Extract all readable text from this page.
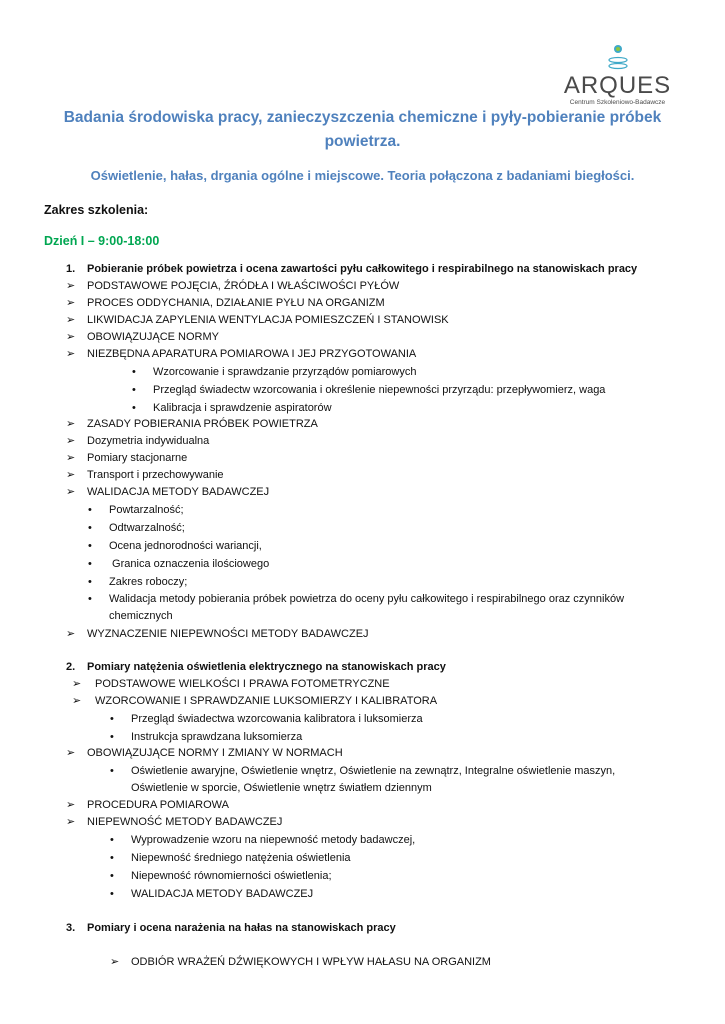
ARQUES
Centrum Szkoleniowo-Badawcze
Badania środowiska pracy, zanieczyszczenia chemiczne i pyły-pobieranie próbek powietrza.
Oświetlenie, hałas, drgania ogólne i miejscowe. Teoria połączona z badaniami biegłości.
Zakres szkolenia:
Dzień I – 9:00-18:00
1. Pobieranie próbek powietrza i ocena zawartości pyłu całkowitego i respirabilnego na stanowiskach pracy
➢ PODSTAWOWE POJĘCIA, ŹRÓDŁA I WŁAŚCIWOŚCI PYŁÓW
➢ PROCES ODDYCHANIA, DZIAŁANIE PYŁU NA ORGANIZM
➢ LIKWIDACJA ZAPYLENIA WENTYLACJA POMIESZCZEŃ I STANOWISK
➢ OBOWIĄZUJĄCE NORMY
➢ NIEZBĘDNA APARATURA POMIAROWA I JEJ PRZYGOTOWANIA
• Wzorcowanie i sprawdzanie przyrządów pomiarowych
• Przegląd świadectw wzorcowania i określenie niepewności przyrządu: przepływomierz, waga
• Kalibracja i sprawdzenie aspiratorów
➢ ZASADY POBIERANIA PRÓBEK POWIETRZA
➢ Dozymetria indywidualna
➢ Pomiary stacjonarne
➢ Transport i przechowywanie
➢ WALIDACJA METODY BADAWCZEJ
• Powtarzalność;
• Odtwarzalność;
• Ocena jednorodności wariancji,
• Granica oznaczenia ilościowego
• Zakres roboczy;
• Walidacja metody pobierania próbek powietrza do oceny pyłu całkowitego i respirabilnego oraz czynników chemicznych
➢ WYZNACZENIE NIEPEWNOŚCI METODY BADAWCZEJ
2. Pomiary natężenia oświetlenia elektrycznego na stanowiskach pracy
➢ PODSTAWOWE WIELKOŚCI I PRAWA FOTOMETRYCZNE
➢ WZORCOWANIE I SPRAWDZANIE LUKSOMIERZY I KALIBRATORA
• Przegląd świadectwa wzorcowania kalibratora i luksomierza
• Instrukcja sprawdzana luksomierza
➢ OBOWIĄZUJĄCE NORMY I ZMIANY W NORMACH
• Oświetlenie awaryjne, Oświetlenie wnętrz, Oświetlenie na zewnątrz, Integralne oświetlenie maszyn,
Oświetlenie w sporcie, Oświetlenie wnętrz światłem dziennym
➢ PROCEDURA POMIAROWA
➢ NIEPEWNOŚĆ METODY BADAWCZEJ
• Wyprowadzenie wzoru na niepewność metody badawczej,
• Niepewność średniego natężenia oświetlenia
• Niepewność równomierności oświetlenia;
• WALIDACJA METODY BADAWCZEJ
3. Pomiary i ocena narażenia na hałas na stanowiskach pracy
➢ ODBIÓR WRAŻEŃ DŹWIĘKOWYCH I WPŁYW HAŁASU NA ORGANIZM
